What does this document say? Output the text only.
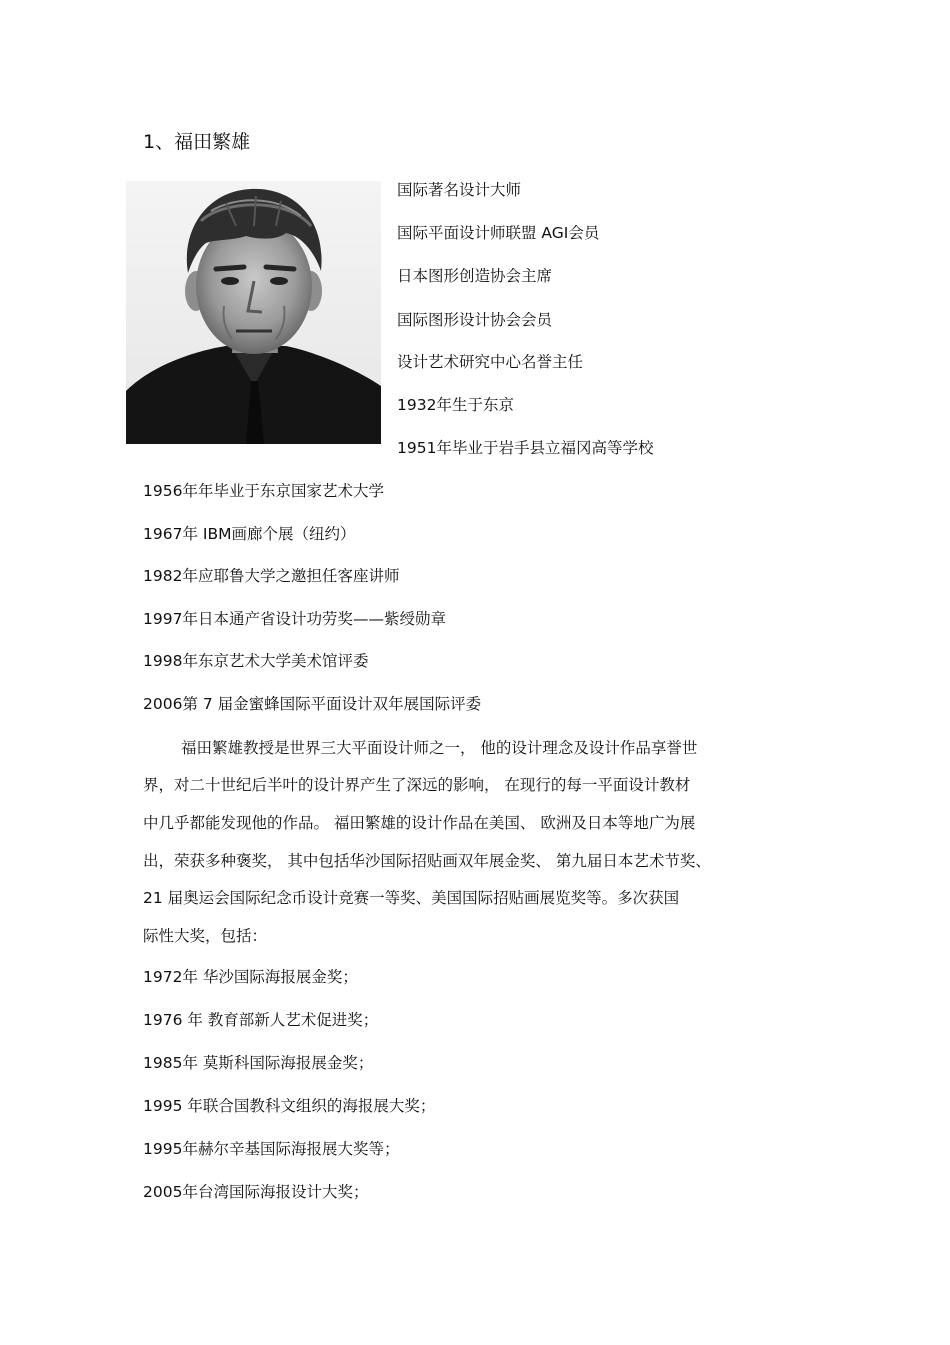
1、福田繁雄
国际著名设计大师
国际平面设计师联盟 AGI会员
日本图形创造协会主席
国际图形设计协会会员
设计艺术研究中心名誉主任
1932年生于东京
1951年毕业于岩手县立福冈高等学校
1956年年毕业于东京国家艺术大学
1967年 IBM画廊个展（纽约）
1982年应耶鲁大学之邀担任客座讲师
1997年日本通产省设计功劳奖——紫绶勋章
1998年东京艺术大学美术馆评委
2006第 7 届金蜜蜂国际平面设计双年展国际评委
福田繁雄教授是世界三大平面设计师之一， 他的设计理念及设计作品享誉世
界，对二十世纪后半叶的设计界产生了深远的影响， 在现行的每一平面设计教材
中几乎都能发现他的作品。 福田繁雄的设计作品在美国、 欧洲及日本等地广为展
出，荣获多种褒奖， 其中包括华沙国际招贴画双年展金奖、 第九届日本艺术节奖、
21 届奥运会国际纪念币设计竞赛一等奖、美国国际招贴画展览奖等。多次获国
际性大奖，包括：
1972年 华沙国际海报展金奖；
1976 年 教育部新人艺术促进奖；
1985年 莫斯科国际海报展金奖；
1995 年联合国教科文组织的海报展大奖；
1995年赫尔辛基国际海报展大奖等；
2005年台湾国际海报设计大奖；
